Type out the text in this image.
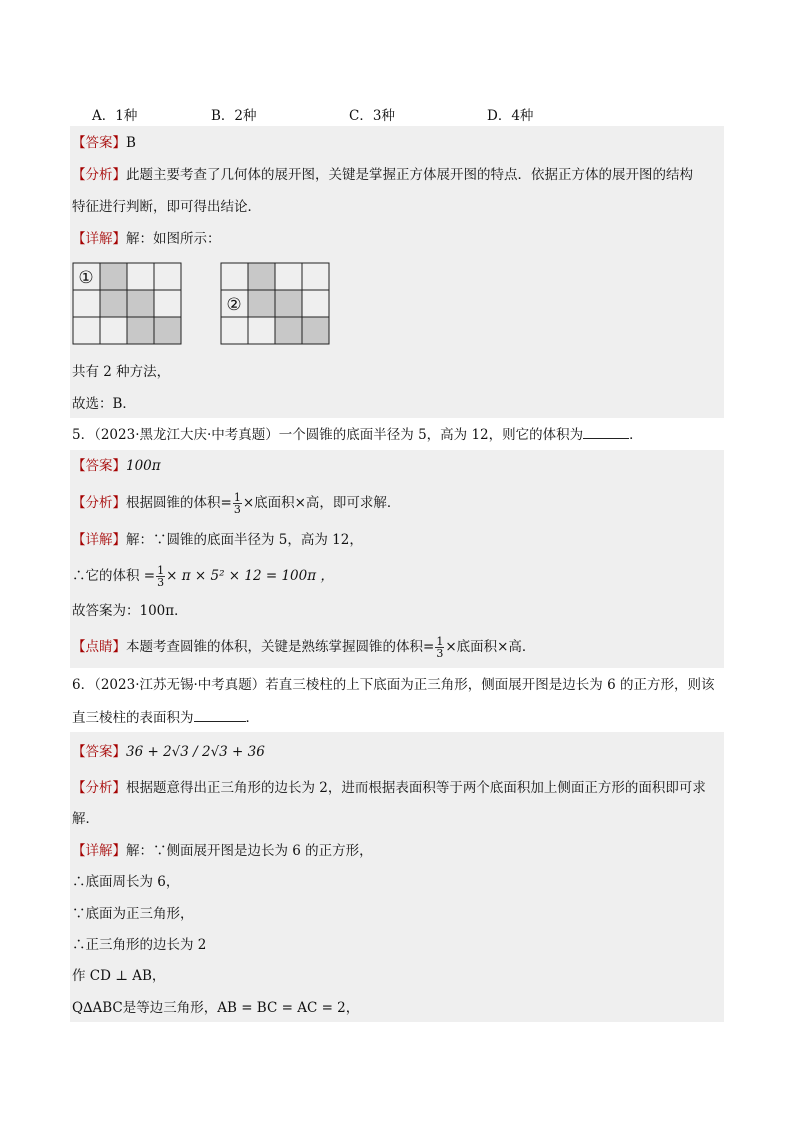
A．1种	B．2种	C．3种	D．4种
【答案】B
【分析】此题主要考查了几何体的展开图，关键是掌握正方体展开图的特点．依据正方体的展开图的结构
特征进行判断，即可得出结论．
【详解】解：如图所示：
①
②
共有 2 种方法，
故选：B．
5．（2023·黑龙江大庆·中考真题）一个圆锥的底面半径为 5，高为 12，则它的体积为	．
【答案】100π
【分析】根据圆锥的体积= $\frac{1}{3}$ ×底面积×高，即可求解．
【详解】解：∵圆锥的底面半径为 5，高为 12，
∴它的体积 = $\frac{1}{3} \times \pi \times 5^2 \times 12 = 100\pi$ ，
故答案为：100π．
【点睛】本题考查圆锥的体积，关键是熟练掌握圆锥的体积= $\frac{1}{3}$ ×底面积×高．
6．（2023·江苏无锡·中考真题）若直三棱柱的上下底面为正三角形，侧面展开图是边长为 6 的正方形，则该
直三棱柱的表面积为	．
【答案】36 + 2√3 / 2√3 + 36
【分析】根据题意得出正三角形的边长为 2，进而根据表面积等于两个底面积加上侧面正方形的面积即可求
解．
【详解】解：∵侧面展开图是边长为 6 的正方形，
∴底面周长为 6，
∵底面为正三角形，
∴正三角形的边长为 2
作 CD ⊥ AB，
Q∆ABC是等边三角形，AB = BC = AC = 2，
